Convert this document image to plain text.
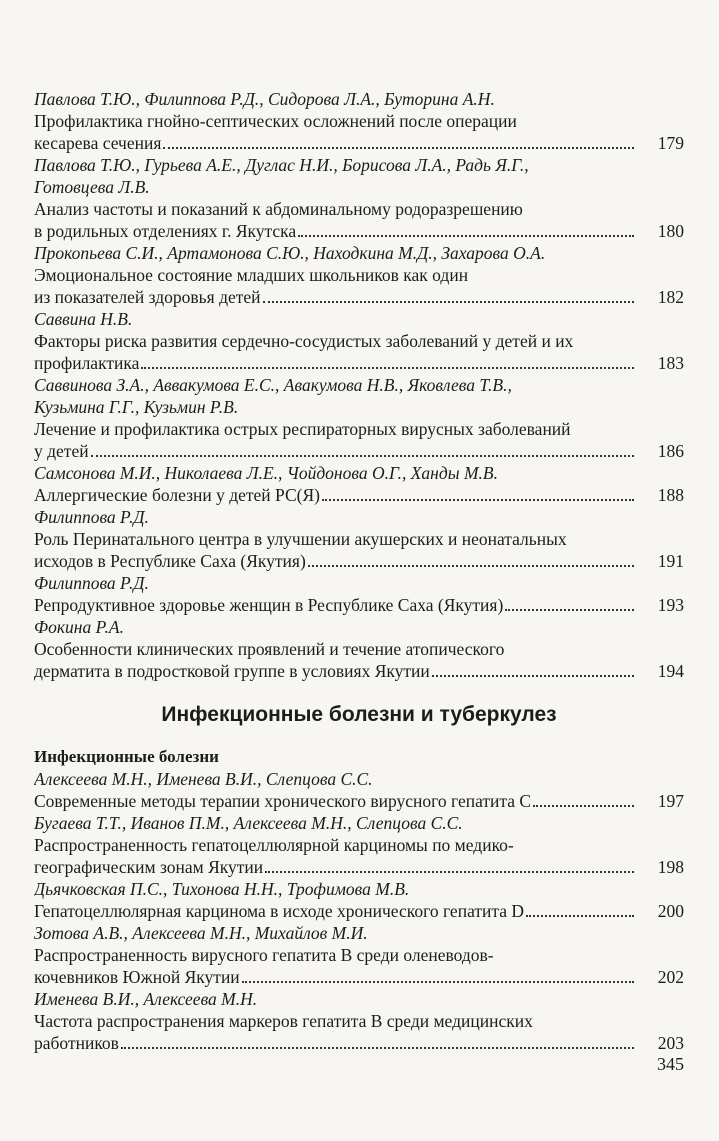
Павлова Т.Ю., Филиппова Р.Д., Сидорова Л.А., Буторина А.Н.
Профилактика гнойно-септических осложнений после операции
кесарева сечения	179
Павлова Т.Ю., Гурьева А.Е., Дуглас Н.И., Борисова Л.А., Радь Я.Г.,
Готовцева Л.В.
Анализ частоты и показаний к абдоминальному родоразрешению
в родильных отделениях г. Якутска	180
Прокопьева С.И., Артамонова С.Ю., Находкина М.Д., Захарова О.А.
Эмоциональное состояние младших школьников как один
из показателей здоровья детей	182
Саввина Н.В.
Факторы риска развития сердечно-сосудистых заболеваний у детей и их
профилактика	183
Саввинова З.А., Аввакумова Е.С., Авакумова Н.В., Яковлева Т.В.,
Кузьмина Г.Г., Кузьмин Р.В.
Лечение и профилактика острых респираторных вирусных заболеваний
у детей	186
Самсонова М.И., Николаева Л.Е., Чойдонова О.Г., Ханды М.В.
Аллергические болезни у детей РС(Я)	188
Филиппова Р.Д.
Роль Перинатального центра в улучшении акушерских и неонатальных
исходов в Республике Саха (Якутия)	191
Филиппова Р.Д.
Репродуктивное здоровье женщин в Республике Саха (Якутия)	193
Фокина Р.А.
Особенности клинических проявлений и течение атопического
дерматита в подростковой группе в условиях Якутии	194
Инфекционные болезни и туберкулез
Инфекционные болезни
Алексеева М.Н., Именева В.И., Слепцова С.С.
Современные методы терапии хронического вирусного гепатита С	197
Бугаева Т.Т., Иванов П.М., Алексеева М.Н., Слепцова С.С.
Распространенность гепатоцеллюлярной карциномы по медико-
географическим зонам Якутии	198
Дьячковская П.С., Тихонова Н.Н., Трофимова М.В.
Гепатоцеллюлярная карцинома в исходе хронического гепатита D	200
Зотова А.В., Алексеева М.Н., Михайлов М.И.
Распространенность вирусного гепатита В среди оленеводов-
кочевников Южной Якутии	202
Именева В.И., Алексеева М.Н.
Частота распространения маркеров гепатита В среди медицинских
работников	203
345
